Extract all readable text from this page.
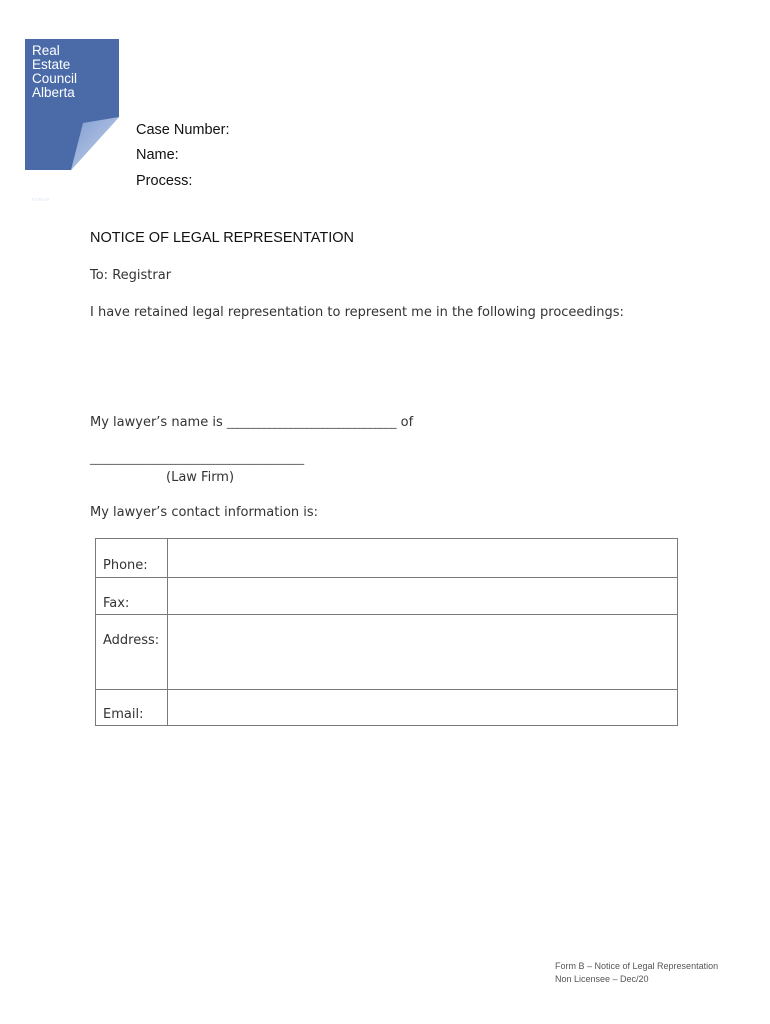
Real
Estate
Council
Alberta
FORUM
Case Number:
Name:
Process:
NOTICE OF LEGAL REPRESENTATION
To: Registrar
I have retained legal representation to represent me in the following proceedings:
My lawyer’s name is ________________________________ of
________________________________________
(Law Firm)
My lawyer’s contact information is:
Phone:	
Fax:	
Address:	
Email:	
Form B – Notice of Legal Representation
Non Licensee – Dec/20
